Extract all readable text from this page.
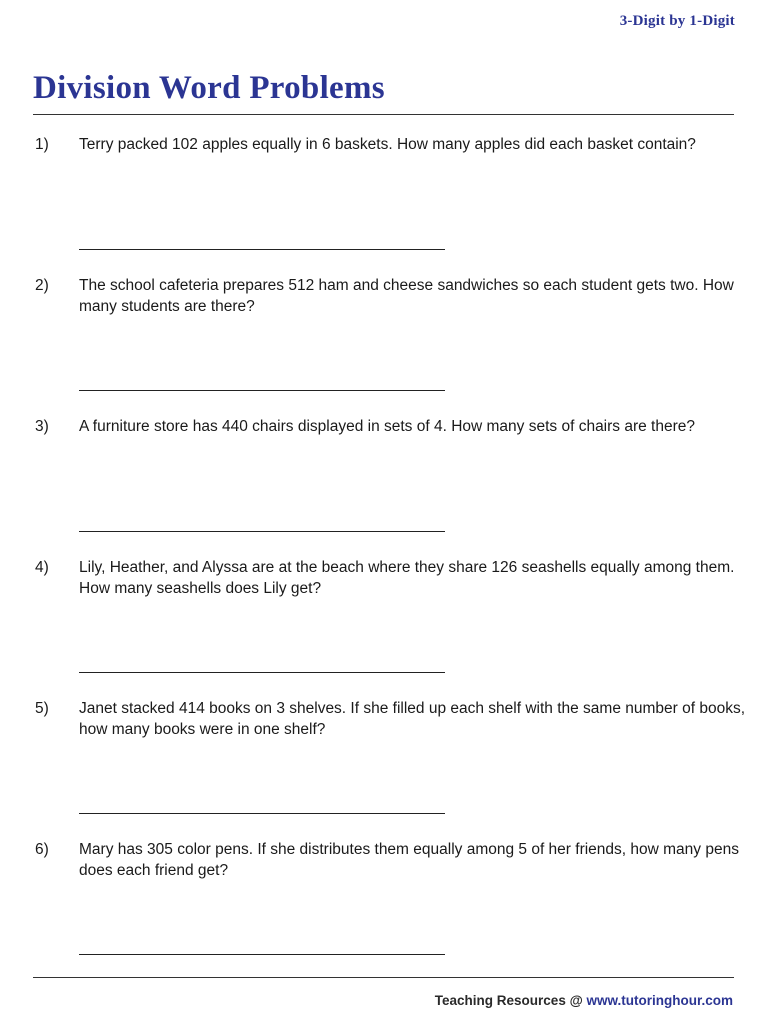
3-Digit by 1-Digit
Division Word Problems
1) Terry packed 102 apples equally in 6 baskets. How many apples did each basket contain?
2) The school cafeteria prepares 512 ham and cheese sandwiches so each student gets two. How many students are there?
3) A furniture store has 440 chairs displayed in sets of 4. How many sets of chairs are there?
4) Lily, Heather, and Alyssa are at the beach where they share 126 seashells equally among them. How many seashells does Lily get?
5) Janet stacked 414 books on 3 shelves. If she filled up each shelf with the same number of books, how many books were in one shelf?
6) Mary has 305 color pens. If she distributes them equally among 5 of her friends, how many pens does each friend get?
Teaching Resources @ www.tutoringhour.com
